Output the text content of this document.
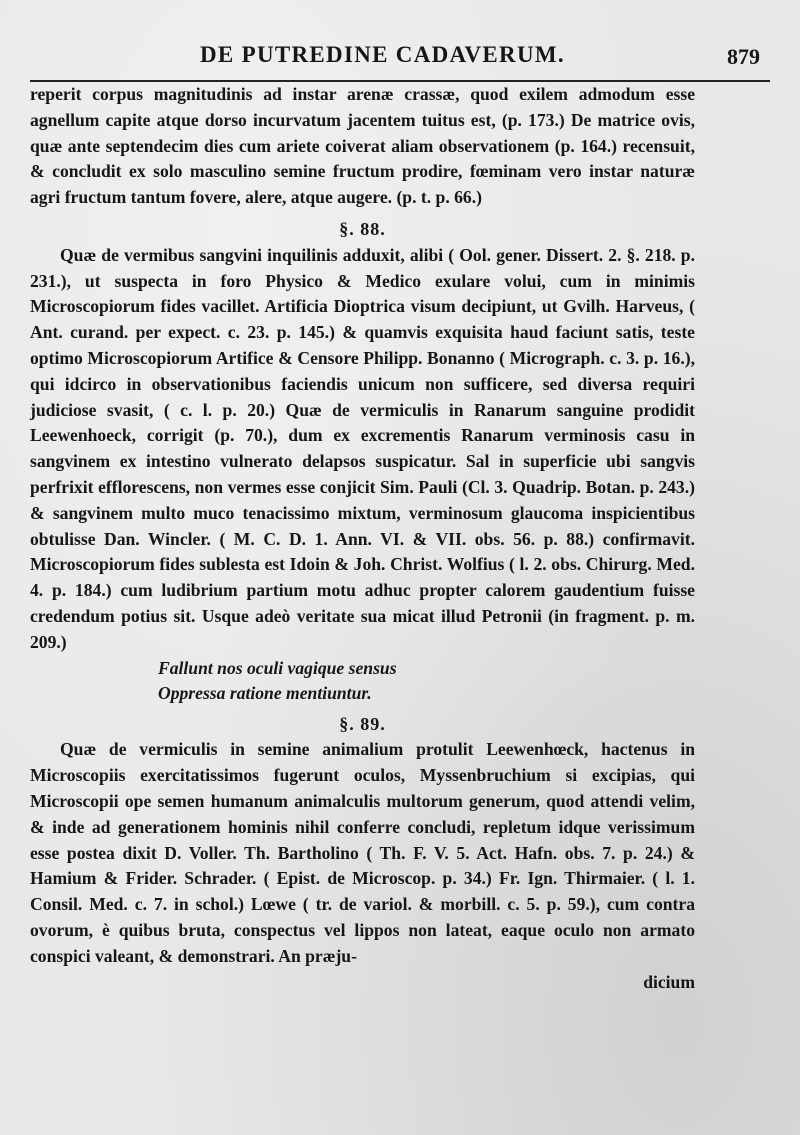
DE PUTREDINE CADAVERUM.	879

reperit corpus magnitudinis ad instar arenæ crassæ, quod exilem admodum esse agnellum capite atque dorso incurvatum jacentem tuitus est, (p. 173.) De matrice ovis, quæ ante septendecim dies cum ariete coiverat aliam observationem (p. 164.) recensuit, & concludit ex solo masculino semine fructum prodire, fœminam vero instar naturæ agri fructum tantum fovere, alere, atque augere. (p. t. p. 66.)

§. 88.

Quæ de vermibus sangvini inquilinis adduxit, alibi ( Ool. gener. Dissert. 2. §. 218. p. 231.), ut suspecta in foro Physico & Medico exulare volui, cum in minimis Microscopiorum fides vacillet. Artificia Dioptrica visum decipiunt, ut Gvilh. Harveus, ( Ant. curand. per expect. c. 23. p. 145.) & quamvis exquisita haud faciunt satis, teste optimo Microscopiorum Artifice & Censore Philipp. Bonanno ( Micrograph. c. 3. p. 16.), qui idcirco in observationibus faciendis unicum non sufficere, sed diversa requiri judiciose svasit, ( c. l. p. 20.) Quæ de vermiculis in Ranarum sanguine prodidit Leewenhoeck, corrigit (p. 70.), dum ex excrementis Ranarum verminosis casu in sangvinem ex intestino vulnerato delapsos suspicatur. Sal in superficie ubi sangvis perfrixit efflorescens, non vermes esse conjicit Sim. Pauli (Cl. 3. Quadrip. Botan. p. 243.) & sangvinem multo muco tenacissimo mixtum, verminosum glaucoma inspicientibus obtulisse Dan. Wincler. ( M. C. D. 1. Ann. VI. & VII. obs. 56. p. 88.) confirmavit. Microscopiorum fides sublesta est Idoin & Joh. Christ. Wolfius ( l. 2. obs. Chirurg. Med. 4. p. 184.) cum ludibrium partium motu adhuc propter calorem gaudentium fuisse credendum potius sit. Usque adeò veritate sua micat illud Petronii (in fragment. p. m. 209.)

Fallunt nos oculi vagique sensus
Oppressa ratione mentiuntur.
§. 89.

Quæ de vermiculis in semine animalium protulit Leewenhœck, hactenus in Microscopiis exercitatissimos fugerunt oculos, Myssenbruchium si excipias, qui Microscopii ope semen humanum animalculis multorum generum, quod attendi velim, & inde ad generationem hominis nihil conferre concludi, repletum idque verissimum esse postea dixit D. Voller. Th. Bartholino ( Th. F. V. 5. Act. Hafn. obs. 7. p. 24.) & Hamium & Frider. Schrader. ( Epist. de Microscop. p. 34.) Fr. Ign. Thirmaier. ( l. 1. Consil. Med. c. 7. in schol.) Lœwe ( tr. de variol. & morbill. c. 5. p. 59.), cum contra ovorum, è quibus bruta, conspectus vel lippos non lateat, eaque oculo non armato conspici valeant, & demonstrari. An præju-

dicium
